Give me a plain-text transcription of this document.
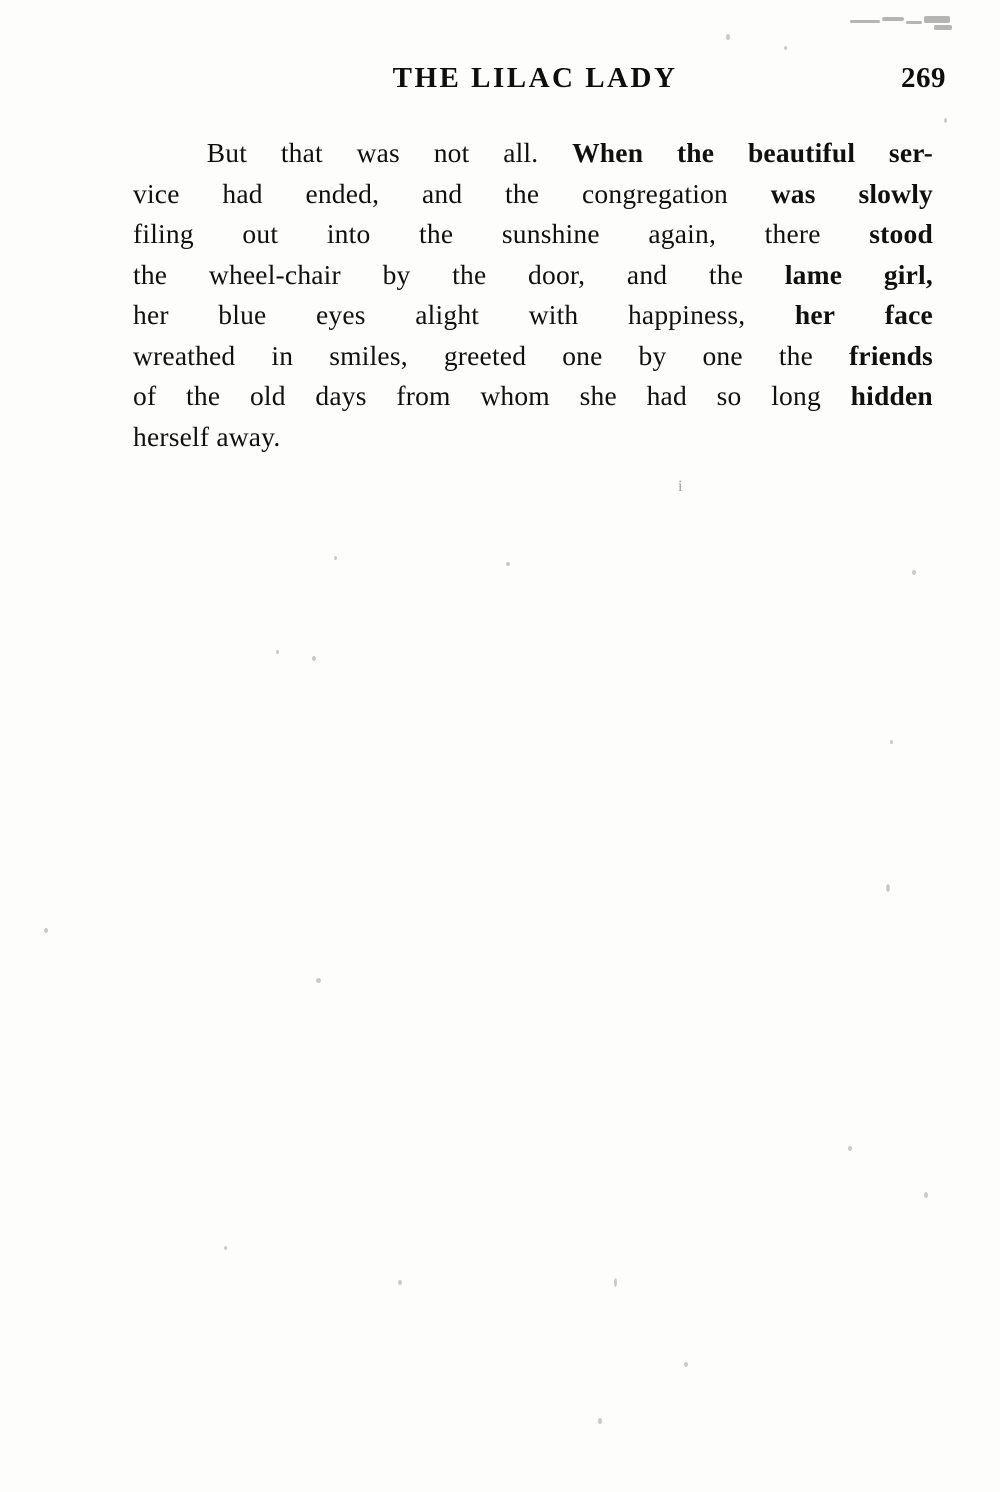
THE LILAC LADY	269
But that was not all. When the beautiful ser-
vice had ended, and the congregation was slowly
filing out into the sunshine again, there stood
the wheel-chair by the door, and the lame girl,
her blue eyes alight with happiness, her face
wreathed in smiles, greeted one by one the friends
of the old days from whom she had so long hidden
herself away.
i
